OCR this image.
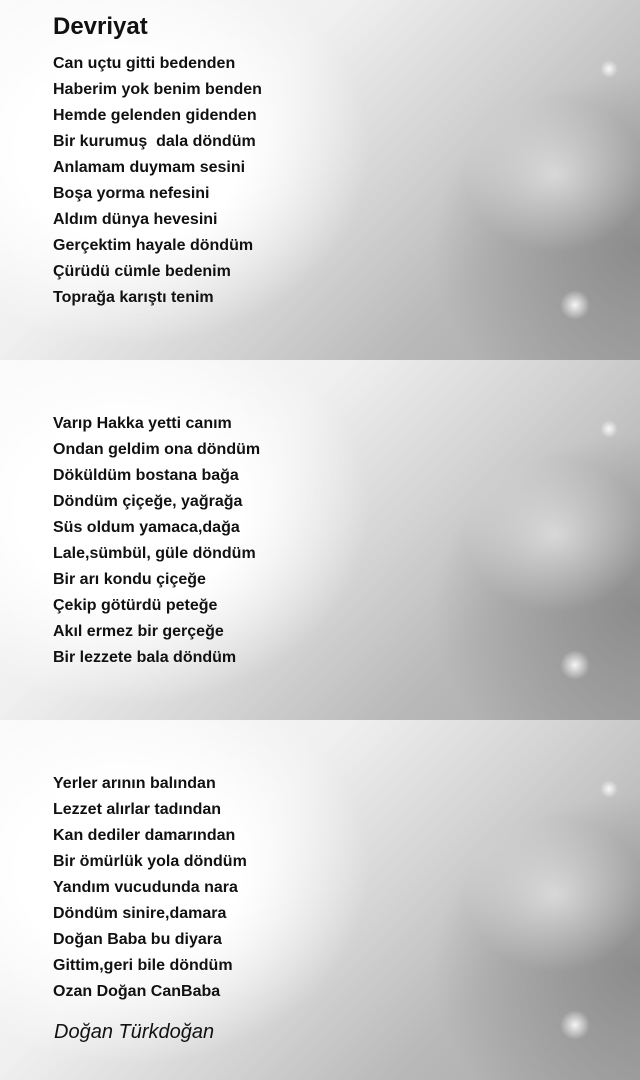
Devriyat
Can uçtu gitti bedenden
Haberim yok benim benden
Hemde gelenden gidenden
Bir kurumuş  dala döndüm
Anlamam duymam sesini
Boşa yorma nefesini
Aldım dünya hevesini
Gerçektim hayale döndüm
Çürüdü cümle bedenim
Toprağa karıştı tenim
Varıp Hakka yetti canım
Ondan geldim ona döndüm
Döküldüm bostana bağa
Döndüm çiçeğe, yağrağa
Süs oldum yamaca,dağa
Lale,sümbül, güle döndüm
Bir arı kondu çiçeğe
Çekip götürdü peteğe
Akıl ermez bir gerçeğe
Bir lezzete bala döndüm
Yerler arının balından
Lezzet alırlar tadından
Kan dediler damarından
Bir ömürlük yola döndüm
Yandım vucudunda nara
Döndüm sinire,damara
Doğan Baba bu diyara
Gittim,geri bile döndüm
Ozan Doğan CanBaba

Doğan Türkdoğan
